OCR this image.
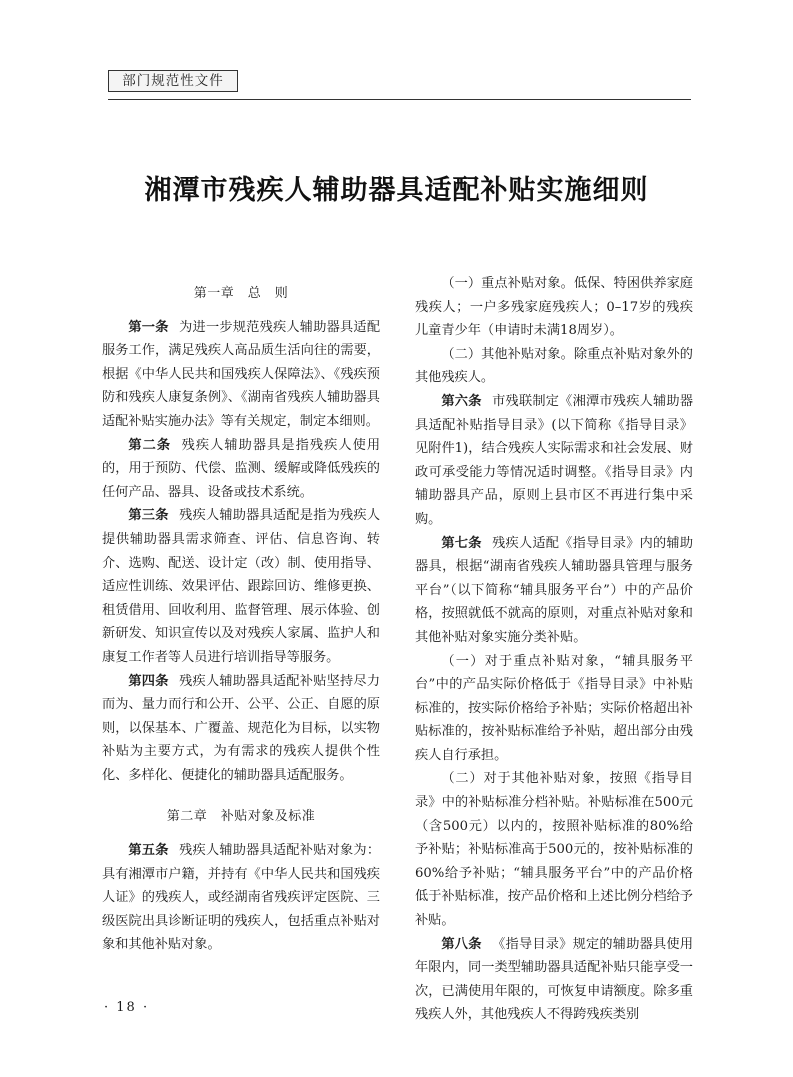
部门规范性文件
湘潭市残疾人辅助器具适配补贴实施细则

第一章　总　则

第一条 为进一步规范残疾人辅助器具适配服务工作，满足残疾人高品质生活向往的需要，根据《中华人民共和国残疾人保障法》、《残疾预防和残疾人康复条例》、《湖南省残疾人辅助器具适配补贴实施办法》等有关规定，制定本细则。

第二条 残疾人辅助器具是指残疾人使用的，用于预防、代偿、监测、缓解或降低残疾的任何产品、器具、设备或技术系统。

第三条 残疾人辅助器具适配是指为残疾人提供辅助器具需求筛查、评估、信息咨询、转介、选购、配送、设计定（改）制、使用指导、适应性训练、效果评估、跟踪回访、维修更换、租赁借用、回收利用、监督管理、展示体验、创新研发、知识宣传以及对残疾人家属、监护人和康复工作者等人员进行培训指导等服务。

第四条 残疾人辅助器具适配补贴坚持尽力而为、量力而行和公开、公平、公正、自愿的原则，以保基本、广覆盖、规范化为目标，以实物补贴为主要方式，为有需求的残疾人提供个性化、多样化、便捷化的辅助器具适配服务。

第二章　补贴对象及标准

第五条 残疾人辅助器具适配补贴对象为：具有湘潭市户籍，并持有《中华人民共和国残疾人证》的残疾人，或经湖南省残疾评定医院、三级医院出具诊断证明的残疾人，包括重点补贴对象和其他补贴对象。

（一）重点补贴对象。低保、特困供养家庭残疾人；一户多残家庭残疾人；0–17岁的残疾儿童青少年（申请时未满18周岁）。

（二）其他补贴对象。除重点补贴对象外的其他残疾人。

第六条 市残联制定《湘潭市残疾人辅助器具适配补贴指导目录》(以下简称《指导目录》见附件1)，结合残疾人实际需求和社会发展、财政可承受能力等情况适时调整。《指导目录》内辅助器具产品，原则上县市区不再进行集中采购。

第七条 残疾人适配《指导目录》内的辅助器具，根据“湖南省残疾人辅助器具管理与服务平台”（以下简称“辅具服务平台”）中的产品价格，按照就低不就高的原则，对重点补贴对象和其他补贴对象实施分类补贴。

（一）对于重点补贴对象，“辅具服务平台”中的产品实际价格低于《指导目录》中补贴标准的，按实际价格给予补贴；实际价格超出补贴标准的，按补贴标准给予补贴，超出部分由残疾人自行承担。

（二）对于其他补贴对象，按照《指导目录》中的补贴标准分档补贴。补贴标准在500元（含500元）以内的，按照补贴标准的80%给予补贴；补贴标准高于500元的，按补贴标准的60%给予补贴；“辅具服务平台”中的产品价格低于补贴标准，按产品价格和上述比例分档给予补贴。

第八条 《指导目录》规定的辅助器具使用年限内，同一类型辅助器具适配补贴只能享受一次，已满使用年限的，可恢复申请额度。除多重残疾人外，其他残疾人不得跨残疾类别

· 18 ·
